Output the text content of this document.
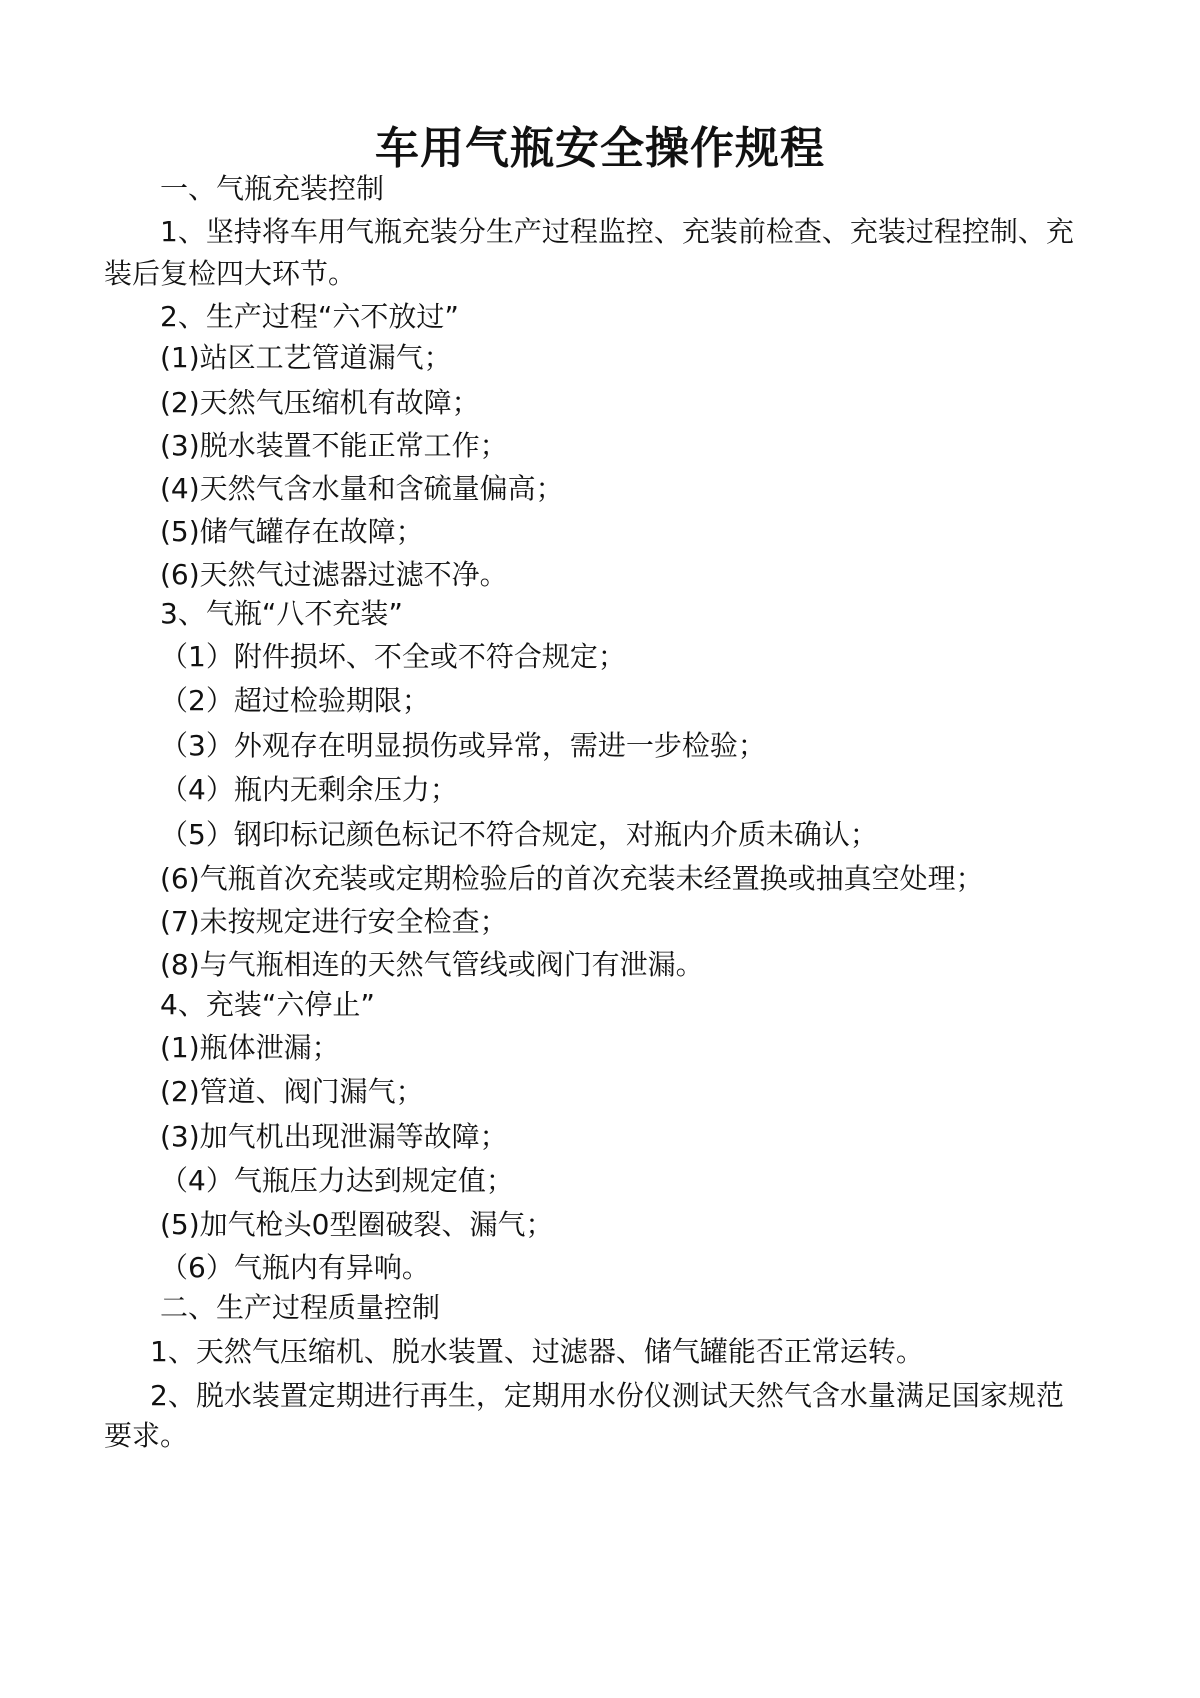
车用气瓶安全操作规程
一、气瓶充装控制
1、坚持将车用气瓶充装分生产过程监控、充装前检查、充装过程控制、充
装后复检四大环节。
2、生产过程“六不放过”
(1)站区工艺管道漏气；
(2)天然气压缩机有故障；
(3)脱水装置不能正常工作；
(4)天然气含水量和含硫量偏高；
(5)储气罐存在故障；
(6)天然气过滤器过滤不净。
3、气瓶“八不充装”
（1）附件损坏、不全或不符合规定；
（2）超过检验期限；
（3）外观存在明显损伤或异常，需进一步检验；
（4）瓶内无剩余压力；
（5）钢印标记颜色标记不符合规定，对瓶内介质未确认；
(6)气瓶首次充装或定期检验后的首次充装未经置换或抽真空处理；
(7)未按规定进行安全检查；
(8)与气瓶相连的天然气管线或阀门有泄漏。
4、充装“六停止”
(1)瓶体泄漏；
(2)管道、阀门漏气；
(3)加气机出现泄漏等故障；
（4）气瓶压力达到规定值；
(5)加气枪头0型圈破裂、漏气；
（6）气瓶内有异响。
二、生产过程质量控制
1、天然气压缩机、脱水装置、过滤器、储气罐能否正常运转。
2、脱水装置定期进行再生，定期用水份仪测试天然气含水量满足国家规范
要求。
